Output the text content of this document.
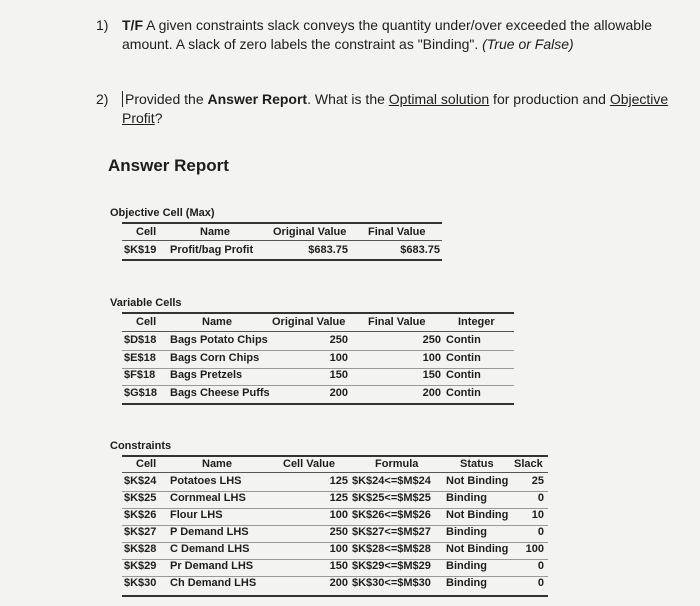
1) T/F A given constraints slack conveys the quantity under/over exceeded the allowable amount. A slack of zero labels the constraint as "Binding". (True or False)
2) Provided the Answer Report. What is the Optimal solution for production and Objective Profit?
Answer Report
Objective Cell (Max)
Cell	Name	Original Value Final Value
$K$19 Profit/bag Profit	$683.75	$683.75
Variable Cells
Cell	Name	Original Value Final Value	Integer
$D$18 Bags Potato Chips	250	250 Contin
$E$18 Bags Corn Chips	100	100 Contin
$F$18 Bags Pretzels	150	150 Contin
$G$18 Bags Cheese Puffs	200	200 Contin
Constraints
Cell	Name	Cell Value	Formula	Status Slack
$K$24 Potatoes LHS	125 $K$24<=$M$24 Not Binding	25
$K$25 Cornmeal LHS	125 $K$25<=$M$25 Binding	0
$K$26 Flour LHS	100 $K$26<=$M$26 Not Binding	10
$K$27 P Demand LHS	250 $K$27<=$M$27 Binding	0
$K$28 C Demand LHS	100 $K$28<=$M$28 Not Binding	100
$K$29 Pr Demand LHS	150 $K$29<=$M$29 Binding	0
$K$30 Ch Demand LHS	200 $K$30<=$M$30 Binding	0
